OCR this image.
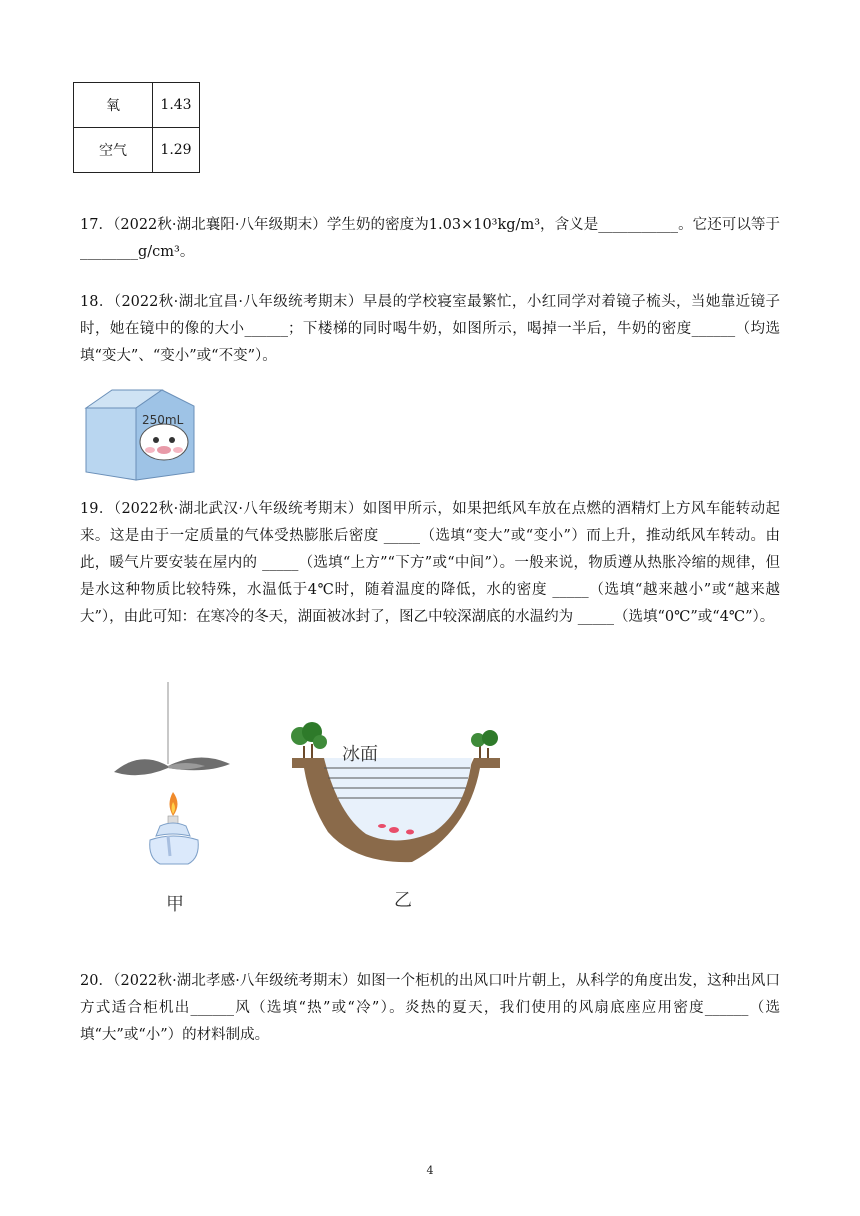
氧	1.43
空气	1.29
17．（2022秋·湖北襄阳·八年级期末）学生奶的密度为1.03×10³kg/m³，含义是___________。它还可以等于________g/cm³。
18．（2022秋·湖北宜昌·八年级统考期末）早晨的学校寝室最繁忙，小红同学对着镜子梳头，当她靠近镜子时，她在镜中的像的大小______；下楼梯的同时喝牛奶，如图所示，喝掉一半后，牛奶的密度______（均选填“变大”、“变小”或“不变”）。
250mL
19．（2022秋·湖北武汉·八年级统考期末）如图甲所示，如果把纸风车放在点燃的酒精灯上方风车能转动起来。这是由于一定质量的气体受热膨胀后密度 _____（选填“变大”或“变小”）而上升，推动纸风车转动。由此，暖气片要安装在屋内的 _____（选填“上方”“下方”或“中间”）。一般来说，物质遵从热胀冷缩的规律，但是水这种物质比较特殊，水温低于4℃时，随着温度的降低，水的密度 _____（选填“越来越小”或“越来越大”），由此可知：在寒冷的冬天，湖面被冰封了，图乙中较深湖底的水温约为 _____（选填“0℃”或“4℃”）。
甲
冰面
乙
20．（2022秋·湖北孝感·八年级统考期末）如图一个柜机的出风口叶片朝上，从科学的角度出发，这种出风口方式适合柜机出______风（选填“热”或“冷”）。炎热的夏天，我们使用的风扇底座应用密度______（选填“大”或“小”）的材料制成。
4
